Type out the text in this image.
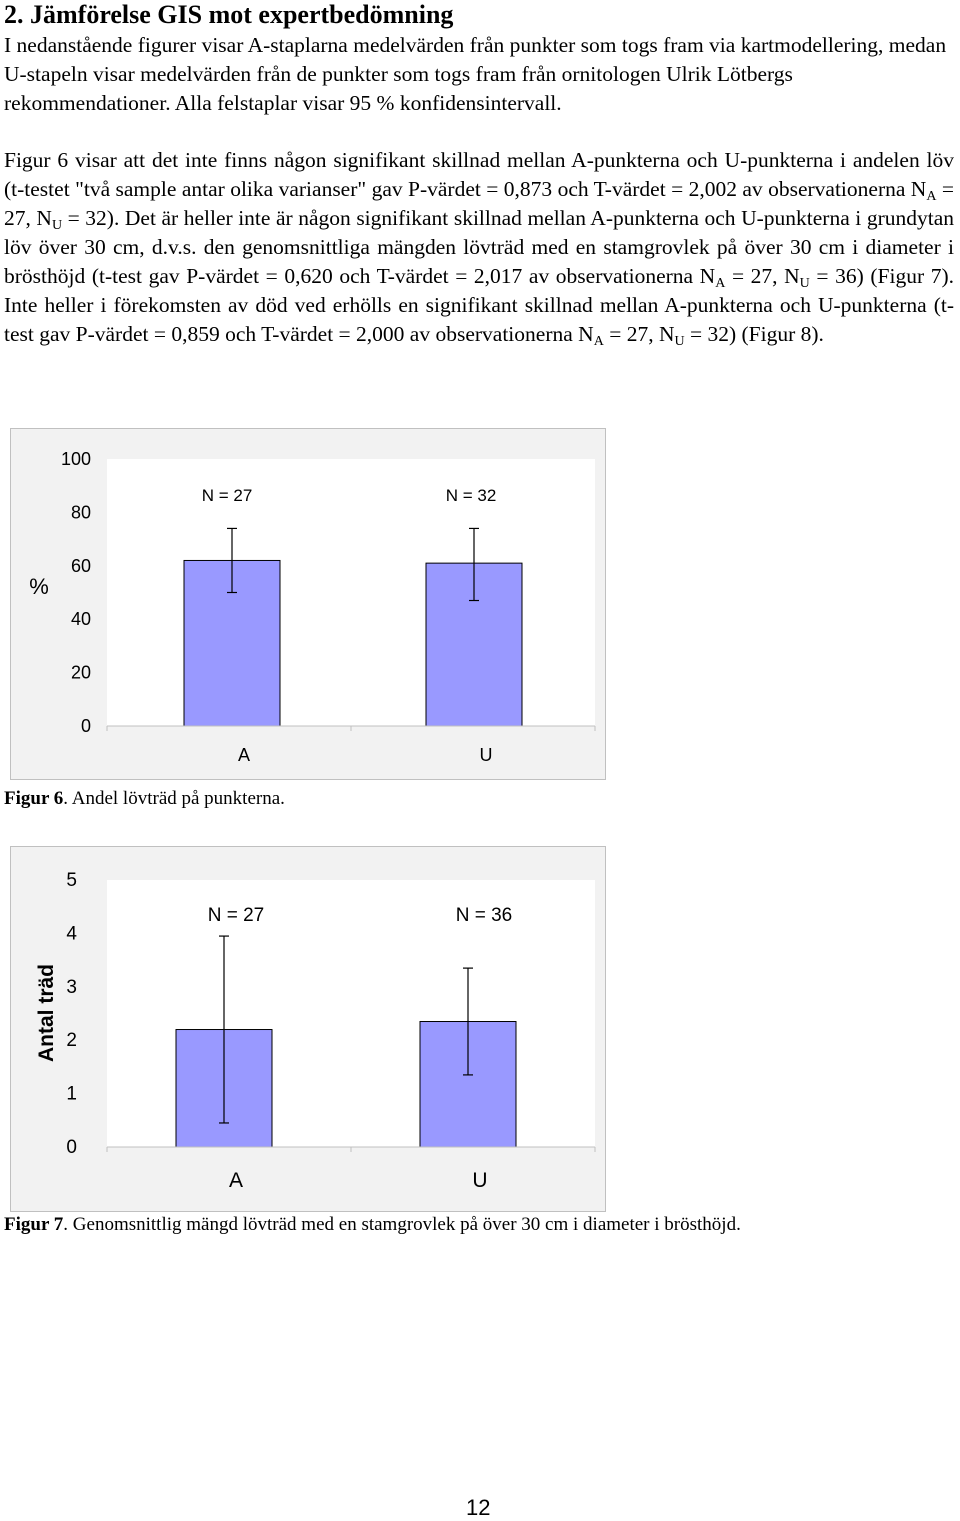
2. Jämförelse GIS mot expertbedömning

I nedanstående figurer visar A-staplarna medelvärden från punkter som togs fram via kartmodellering, medan U-stapeln visar medelvärden från de punkter som togs fram från ornitologen Ulrik Lötbergs rekommendationer. Alla felstaplar visar 95 % konfidensintervall.

Figur 6 visar att det inte finns någon signifikant skillnad mellan A-punkterna och U-punkterna i andelen löv (t-testet "två sample antar olika varianser" gav P-värdet = 0,873 och T-värdet = 2,002 av observationerna $N_A = 27$, $N_U = 32$). Det är heller inte är någon signifikant skillnad mellan A-punkterna och U-punkterna i grundytan löv över 30 cm, d.v.s. den genomsnittliga mängden lövträd med en stamgrovlek på över 30 cm i diameter i brösthöjd (t-test gav P-värdet = 0,620 och T-värdet = 2,017 av observationerna $N_A = 27$, $N_U = 36$) (Figur 7). Inte heller i förekomsten av död ved erhölls en signifikant skillnad mellan A-punkterna och U-punkterna (t-test gav P-värdet = 0,859 och T-värdet = 2,000 av observationerna $N_A = 27$, $N_U = 32$) (Figur 8).

0
20
40
60
80
100
%
A
N = 27
U
N = 32
Figur 6. Andel lövträd på punkterna.
0
1
2
3
4
5
Antal träd
A
N = 27
U
N = 36
Figur 7. Genomsnittlig mängd lövträd med en stamgrovlek på över 30 cm i diameter i brösthöjd.
12
